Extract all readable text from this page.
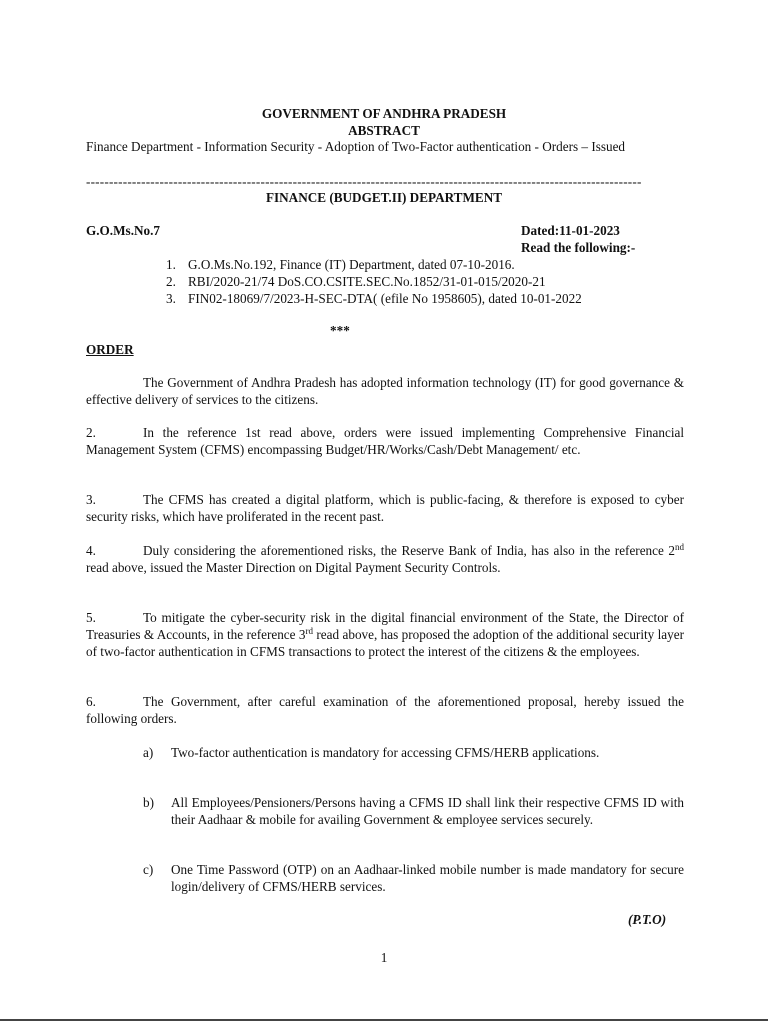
GOVERNMENT OF ANDHRA PRADESH
ABSTRACT
Finance Department - Information Security - Adoption of Two-Factor authentication - Orders – Issued
-------------------------------------------------------------------------------------------------------------------------
FINANCE (BUDGET.II) DEPARTMENT
G.O.Ms.No.7	Dated:11-01-2023
Read the following:-
1. G.O.Ms.No.192, Finance (IT) Department, dated 07-10-2016.
2. RBI/2020-21/74 DoS.CO.CSITE.SEC.No.1852/31-01-015/2020-21
3. FIN02-18069/7/2023-H-SEC-DTA( (efile No 1958605), dated 10-01-2022
***
ORDER
The Government of Andhra Pradesh has adopted information technology (IT) for good governance & effective delivery of services to the citizens.
2.	In the reference 1st read above, orders were issued implementing Comprehensive Financial Management System (CFMS) encompassing Budget/HR/Works/Cash/Debt Management/ etc.
3.	The CFMS has created a digital platform, which is public-facing, & therefore is exposed to cyber security risks, which have proliferated in the recent past.
4.	Duly considering the aforementioned risks, the Reserve Bank of India, has also in the reference 2nd read above, issued the Master Direction on Digital Payment Security Controls.
5.	To mitigate the cyber-security risk in the digital financial environment of the State, the Director of Treasuries & Accounts, in the reference 3rd read above, has proposed the adoption of the additional security layer of two-factor authentication in CFMS transactions to protect the interest of the citizens & the employees.
6.	The Government, after careful examination of the aforementioned proposal, hereby issued the following orders.
a)	Two-factor authentication is mandatory for accessing CFMS/HERB applications.
b)	All Employees/Pensioners/Persons having a CFMS ID shall link their respective CFMS ID with their Aadhaar & mobile for availing Government & employee services securely.
c)	One Time Password (OTP) on an Aadhaar-linked mobile number is made mandatory for secure login/delivery of CFMS/HERB services.
(P.T.O)
1
